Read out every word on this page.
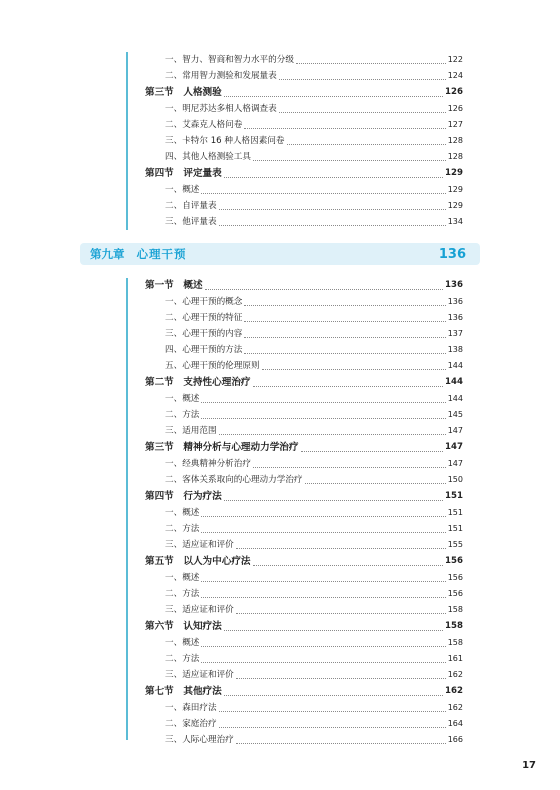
一、智力、智商和智力水平的分级	122
二、常用智力测验和发展量表	124
第三节　人格测验	126
一、明尼苏达多相人格调查表	126
二、艾森克人格问卷	127
三、卡特尔 16 种人格因素问卷	128
四、其他人格测验工具	128
第四节　评定量表	129
一、概述	129
二、自评量表	129
三、他评量表	134
第九章 心理干预	136
第一节　概述	136
一、心理干预的概念	136
二、心理干预的特征	136
三、心理干预的内容	137
四、心理干预的方法	138
五、心理干预的伦理原则	144
第二节　支持性心理治疗	144
一、概述	144
二、方法	145
三、适用范围	147
第三节　精神分析与心理动力学治疗	147
一、经典精神分析治疗	147
二、客体关系取向的心理动力学治疗	150
第四节　行为疗法	151
一、概述	151
二、方法	151
三、适应证和评价	155
第五节　以人为中心疗法	156
一、概述	156
二、方法	156
三、适应证和评价	158
第六节　认知疗法	158
一、概述	158
二、方法	161
三、适应证和评价	162
第七节　其他疗法	162
一、森田疗法	162
二、家庭治疗	164
三、人际心理治疗	166
17
